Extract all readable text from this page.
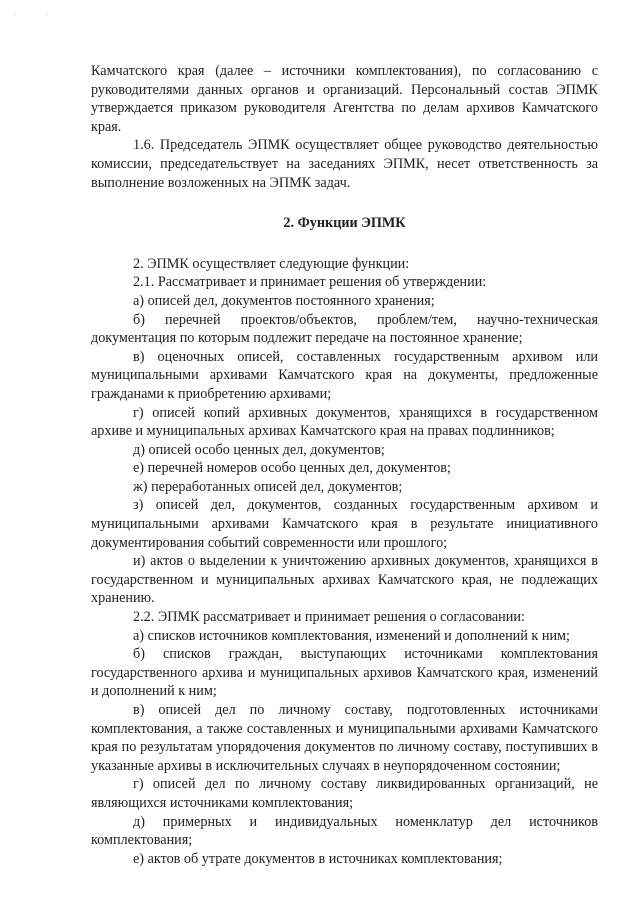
·	·

Камчатского края (далее – источники комплектования), по согласованию с руководителями данных органов и организаций. Персональный состав ЭПМК утверждается приказом руководителя Агентства по делам архивов Камчатского края.

1.6. Председатель ЭПМК осуществляет общее руководство деятельностью комиссии, председательствует на заседаниях ЭПМК, несет ответственность за выполнение возложенных на ЭПМК задач.

2. Функции ЭПМК

2. ЭПМК осуществляет следующие функции:

2.1. Рассматривает и принимает решения об утверждении:

а) описей дел, документов постоянного хранения;

б) перечней проектов/объектов, проблем/тем, научно-техническая документация по которым подлежит передаче на постоянное хранение;

в) оценочных описей, составленных государственным архивом или муниципальными архивами Камчатского края на документы, предложенные гражданами к приобретению архивами;

г) описей копий архивных документов, хранящихся в государственном архиве и муниципальных архивах Камчатского края на правах подлинников;

д) описей особо ценных дел, документов;

е) перечней номеров особо ценных дел, документов;

ж) переработанных описей дел, документов;

з) описей дел, документов, созданных государственным архивом и муниципальными архивами Камчатского края в результате инициативного документирования событий современности или прошлого;

и) актов о выделении к уничтожению архивных документов, хранящихся в государственном и муниципальных архивах Камчатского края, не подлежащих хранению.

2.2. ЭПМК рассматривает и принимает решения о согласовании:

а) списков источников комплектования, изменений и дополнений к ним;

б) списков граждан, выступающих источниками комплектования государственного архива и муниципальных архивов Камчатского края, изменений и дополнений к ним;

в) описей дел по личному составу, подготовленных источниками комплектования, а также составленных и муниципальными архивами Камчатского края по результатам упорядочения документов по личному составу, поступивших в указанные архивы в исключительных случаях в неупорядоченном состоянии;

г) описей дел по личному составу ликвидированных организаций, не являющихся источниками комплектования;

д) примерных и индивидуальных номенклатур дел источников комплектования;

е) актов об утрате документов в источниках комплектования;
